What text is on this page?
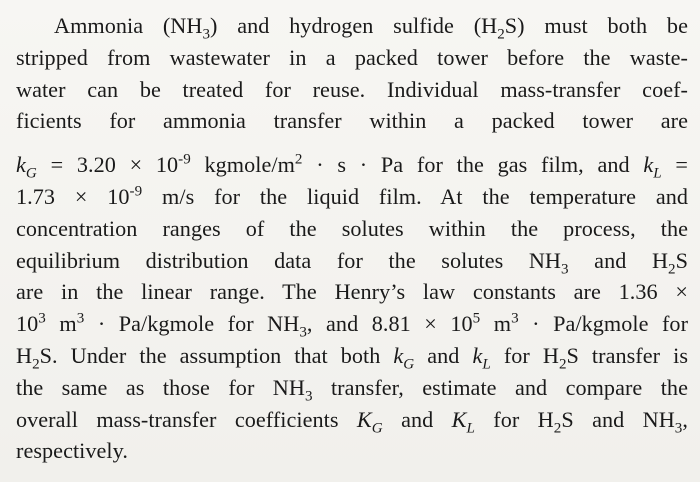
Ammonia $(NH_3)$ and hydrogen sulfide $(H_2S)$ must both be
stripped from wastewater in a packed tower before the waste-
water can be treated for reuse. Individual mass-transfer coef-
ficients for ammonia transfer within a packed tower are
$k_G = 3.20 \times 10^{-9}$ kgmole/$m^2 \cdot s \cdot Pa$ for the gas film, and $k_L$ =
$1.73 \times 10^{-9}$ m/s for the liquid film. At the temperature and
concentration ranges of the solutes within the process, the
equilibrium distribution data for the solutes $NH_3$ and $H_2S$
are in the linear range. The Henry’s law constants are 1.36 ×
$10^3$ $m^3$ · Pa/kgmole for $NH_3$, and $8.81 \times 10^5$ $m^3$ · Pa/kgmole for
$H_2S$. Under the assumption that both $k_G$ and $k_L$ for $H_2S$ transfer is
the same as those for $NH_3$ transfer, estimate and compare the
overall mass-transfer coefficients $K_G$ and $K_L$ for $H_2S$ and $NH_3$,
respectively.
